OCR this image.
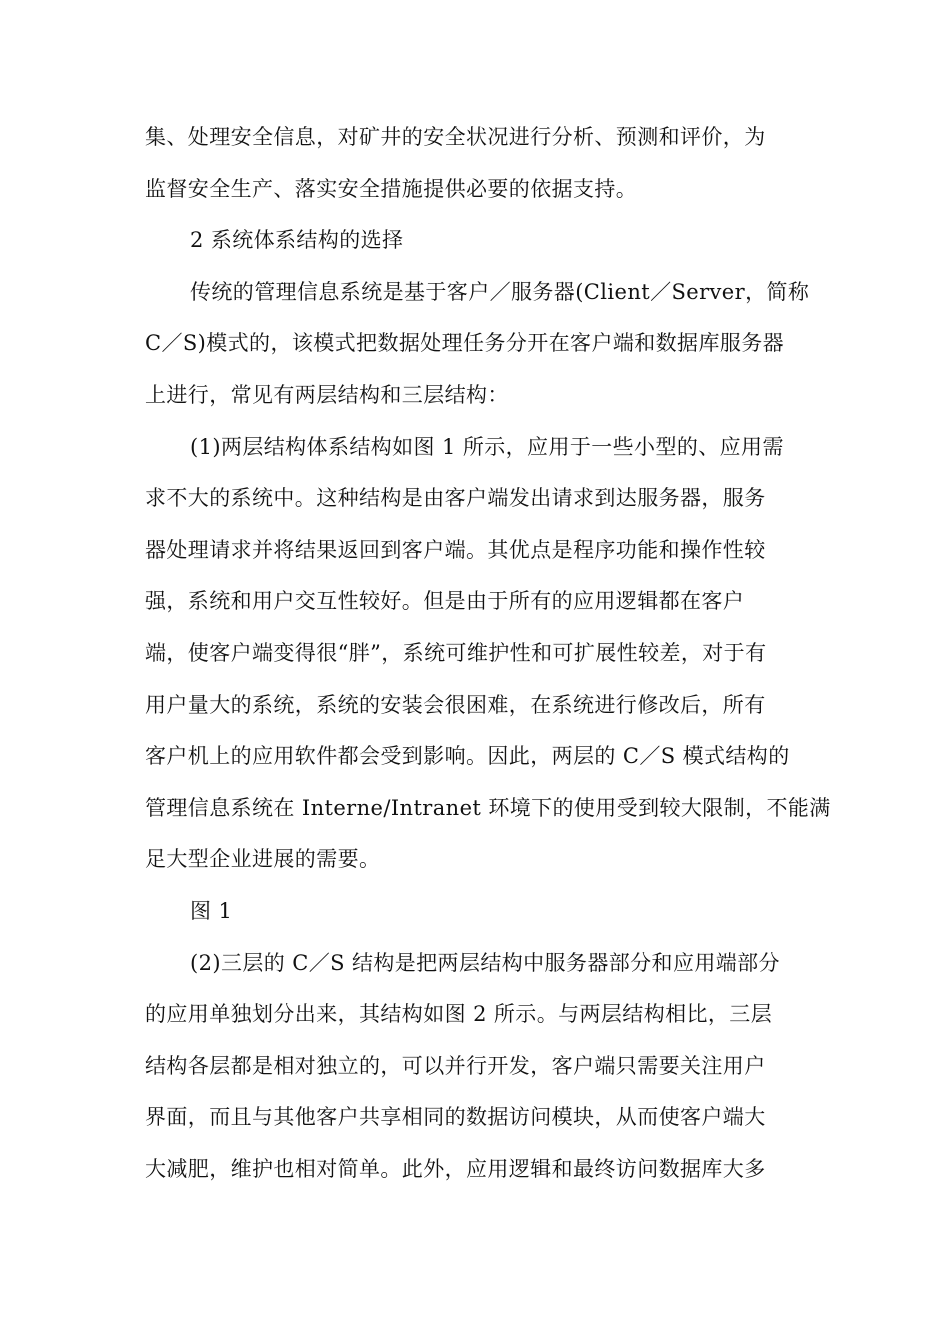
集、处理安全信息，对矿井的安全状况进行分析、预测和评价，为
监督安全生产、落实安全措施提供必要的依据支持。

2 系统体系结构的选择

传统的管理信息系统是基于客户／服务器(Client／Server，简称
C／S)模式的，该模式把数据处理任务分开在客户端和数据库服务器
上进行，常见有两层结构和三层结构：

(1)两层结构体系结构如图 1 所示，应用于一些小型的、应用需
求不大的系统中。这种结构是由客户端发出请求到达服务器，服务
器处理请求并将结果返回到客户端。其优点是程序功能和操作性较
强，系统和用户交互性较好。但是由于所有的应用逻辑都在客户
端，使客户端变得很“胖”，系统可维护性和可扩展性较差，对于有
用户量大的系统，系统的安装会很困难，在系统进行修改后，所有
客户机上的应用软件都会受到影响。因此，两层的 C／S 模式结构的
管理信息系统在 Interne/Intranet 环境下的使用受到较大限制，不能满
足大型企业进展的需要。

图 1

(2)三层的 C／S 结构是把两层结构中服务器部分和应用端部分
的应用单独划分出来，其结构如图 2 所示。与两层结构相比，三层
结构各层都是相对独立的，可以并行开发，客户端只需要关注用户
界面，而且与其他客户共享相同的数据访问模块，从而使客户端大
大减肥，维护也相对简单。此外，应用逻辑和最终访问数据库大多
